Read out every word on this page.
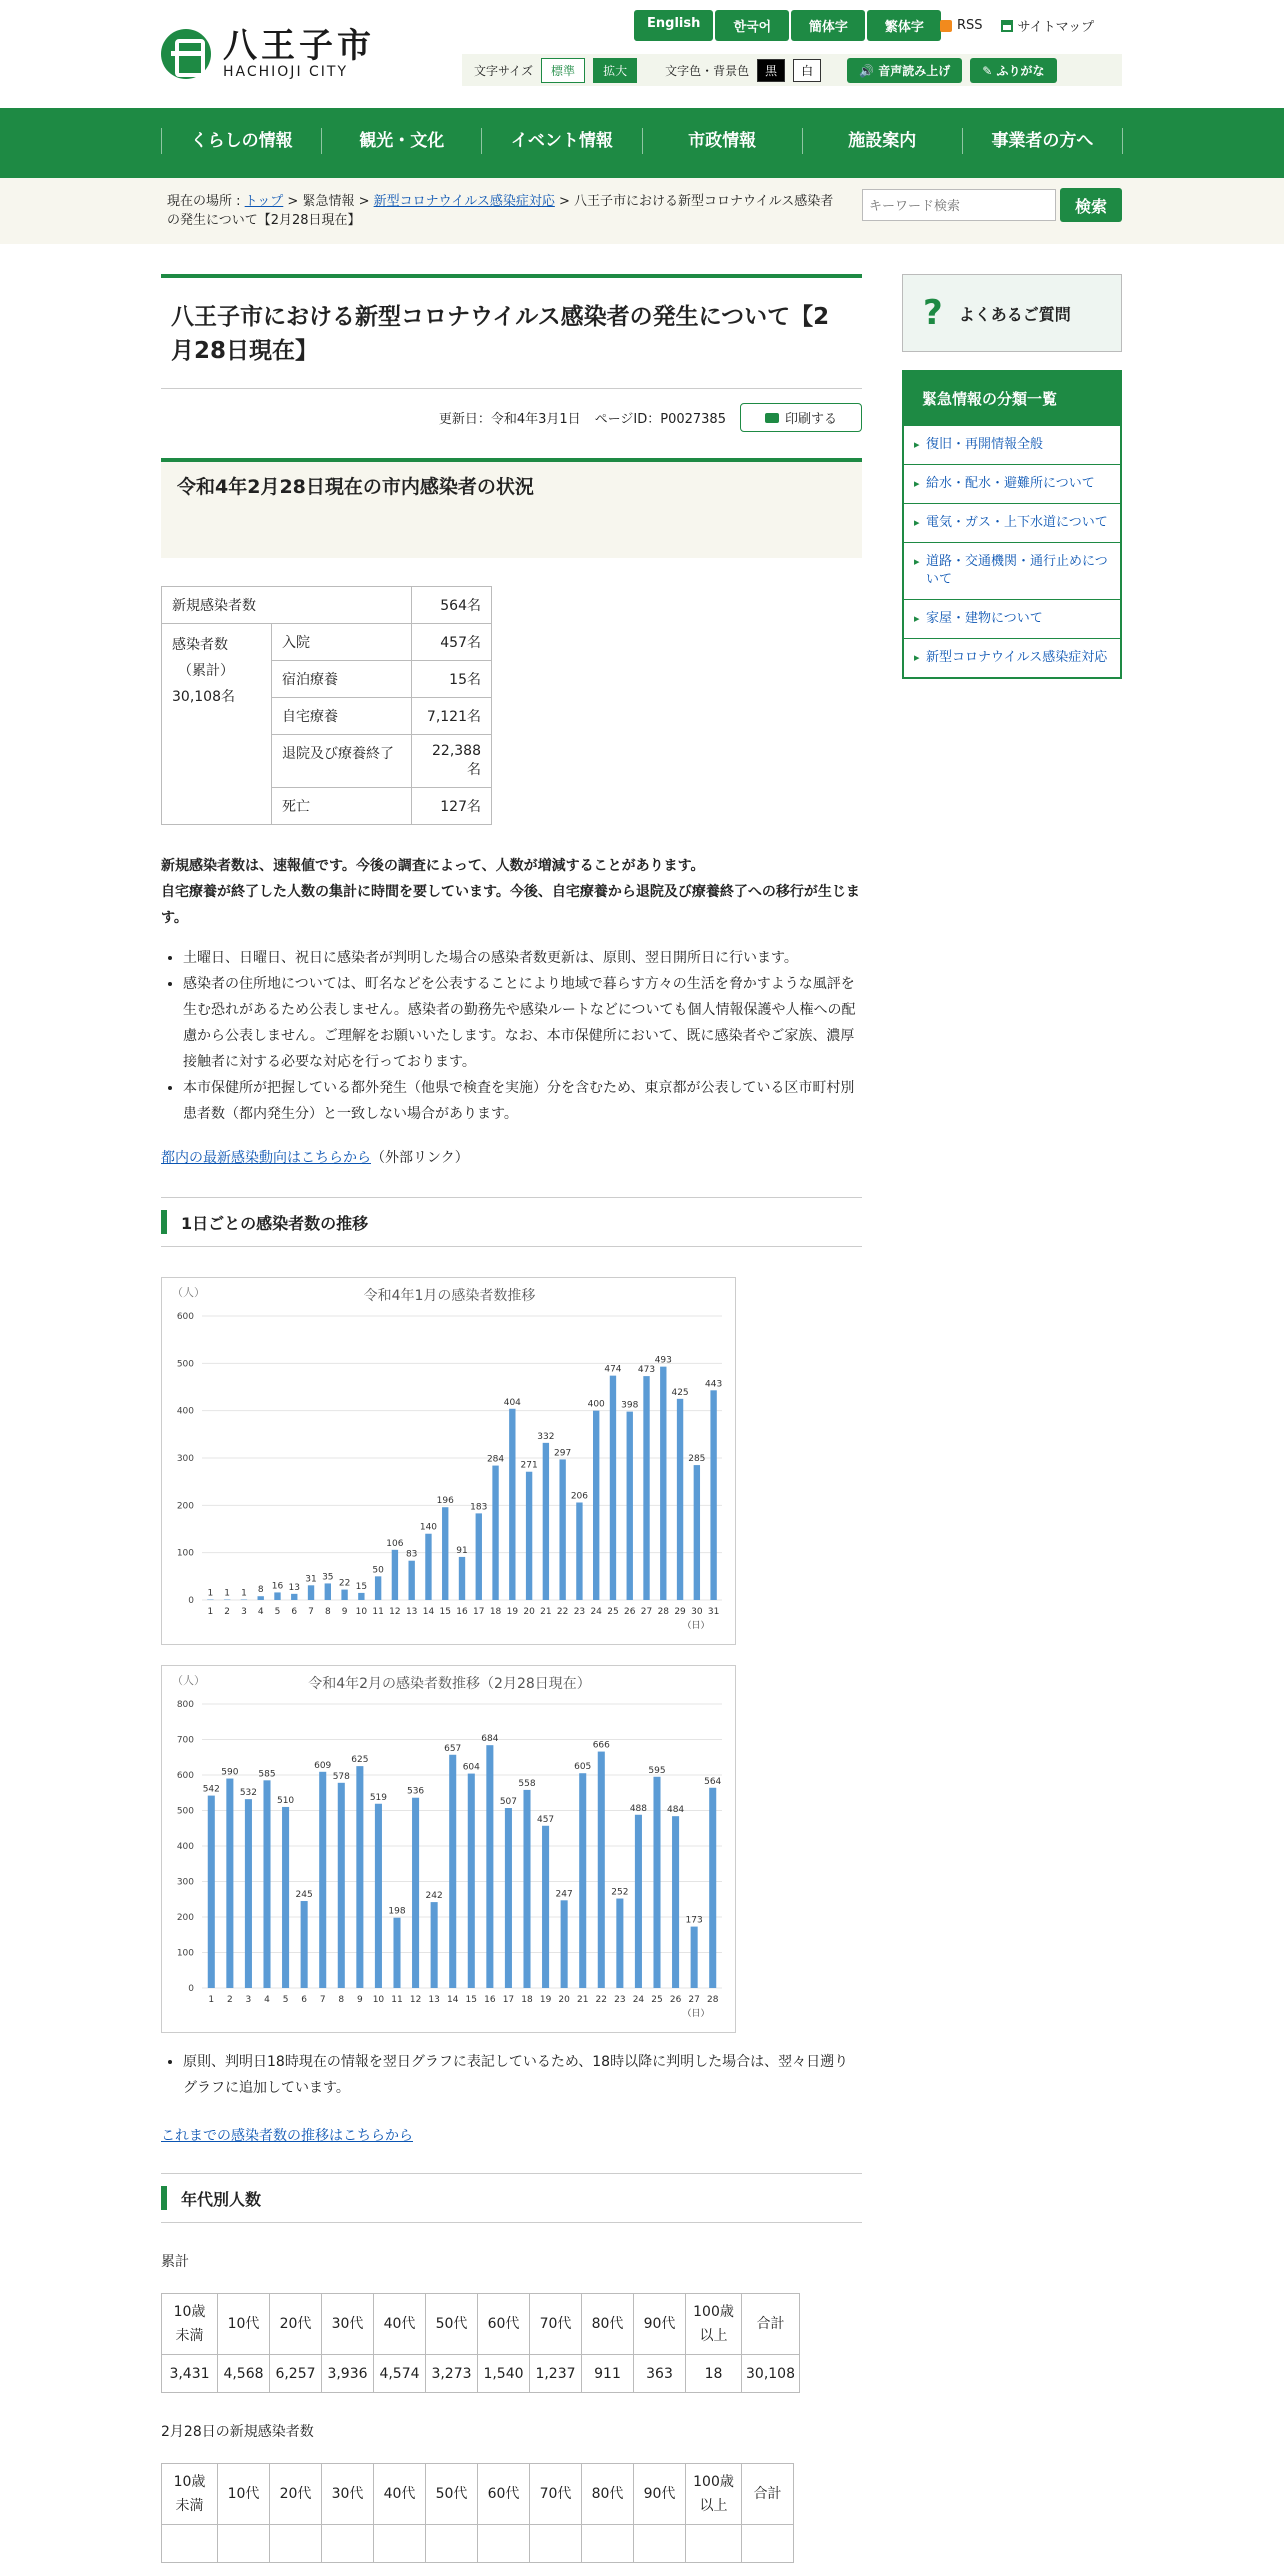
八王子市
HACHIOJI CITY
English	한국어	簡体字	繁体字	RSS	サイトマップ
文字サイズ	標準	拡大	文字色・背景色	黒	白	🔊 音声読み上げ	✎ ふりがな
くらしの情報	観光・文化	イベント情報	市政情報	施設案内	事業者の方へ
現在の場所 : トップ > 緊急情報 > 新型コロナウイルス感染症対応 > 八王子市における新型コロナウイルス感染者の発生について【2月28日現在】
キーワード検索
検索
八王子市における新型コロナウイルス感染者の発生について【2月28日現在】
更新日：令和4年3月1日 ページID：P0027385	印刷する
令和4年2月28日現在の市内感染者の状況
新規感染者数		564名

感染者数
（累計）
30,108名	入院	457名
	宿泊療養	15名
	自宅療養	7,121名
	退院及び療養終了	22,388名
	死亡	127名
新規感染者数は、速報値です。今後の調査によって、人数が増減することがあります。
自宅療養が終了した人数の集計に時間を要しています。今後、自宅療養から退院及び療養終了への移行が生じます。
• 土曜日、日曜日、祝日に感染者が判明した場合の感染者数更新は、原則、翌日開所日に行います。
• 感染者の住所地については、町名などを公表することにより地域で暮らす方々の生活を脅かすような風評を生む恐れがあるため公表しません。感染者の勤務先や感染ルートなどについても個人情報保護や人権への配慮から公表しません。ご理解をお願いいたします。なお、本市保健所において、既に感染者やご家族、濃厚接触者に対する必要な対応を行っております。
• 本市保健所が把握している都外発生（他県で検査を実施）分を含むため、東京都が公表している区市町村別患者数（都内発生分）と一致しない場合があります。
都内の最新感染動向はこちらから（外部リンク）
1日ごとの感染者数の推移
令和4年1月の感染者数推移
（人）
0
100
200
300
400
500
600
1
1
1
2
1
3
8
4
16
5
13
6
31
7
35
8
22
9
15
10
50
11
106
12
83
13
140
14
196
15
91
16
183
17
284
18
404
19
271
20
332
21
297
22
206
23
400
24
474
25
398
26
473
27
493
28
425
29
285
30
443
31
（日）
令和4年2月の感染者数推移（2月28日現在）
（人）
0
100
200
300
400
500
600
700
800
542
1
590
2
532
3
585
4
510
5
245
6
609
7
578
8
625
9
519
10
198
11
536
12
242
13
657
14
604
15
684
16
507
17
558
18
457
19
247
20
605
21
666
22
252
23
488
24
595
25
484
26
173
27
564
28
（日）
• 原則、判明日18時現在の情報を翌日グラフに表記しているため、18時以降に判明した場合は、翌々日遡りグラフに追加しています。
これまでの感染者数の推移はこちらから
年代別人数
累計
10歳
未満	10代	20代	30代	40代	50代	60代	70代	80代	90代	100歳
以上	合計
3,431	4,568	6,257	3,936	4,574	3,273	1,540	1,237	911	363	18	30,108
2月28日の新規感染者数
10歳
未満	10代	20代	30代	40代	50代	60代	70代	80代	90代	100歳
以上	合計

? よくあるご質問
緊急情報の分類一覧
▸ 復旧・再開情報全般
▸ 給水・配水・避難所について
▸ 電気・ガス・上下水道について
▸ 道路・交通機関・通行止めについて
▸ 家屋・建物について
▸ 新型コロナウイルス感染症対応
